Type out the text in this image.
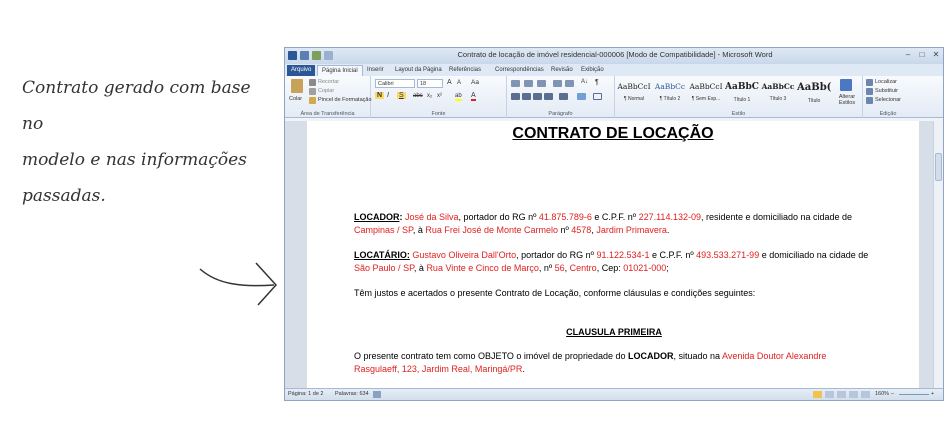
Contrato gerado com base no
modelo e nas informações
passadas.
Contrato de locação de imóvel residencial-000006 [Modo de Compatibilidade] - Microsoft Word	–	□	✕
Arquivo	Página Inicial	Inserir	Layout da Página	Referências	Correspondências	Revisão	Exibição
Colar
Recortar
Copiar
Pincel de Formatação
Área de Transferência
Calibri	18	A A Aa
N I S	abc x₂ x² ab A
Fonte
A↓ ¶
Parágrafo
AaBbCcI
¶ Normal
AaBbCc
¶ Título 2
AaBbCcI
¶ Sem Esp...
AaBbC
Título 1
AaBbCc
Título 3
AaBb(
Título
Alterar Estilos
Estilo
Localizar
Substituir
Selecionar
Edição
CONTRATO DE LOCAÇÃO
LOCADOR: José da Silva, portador do RG nº 41.875.789-6 e C.P.F. nº 227.114.132-09, residente e domiciliado na cidade de Campinas / SP, à Rua Frei José de Monte Carmelo nº 4578, Jardim Primavera.
LOCATÁRIO: Gustavo Oliveira Dall'Orto, portador do RG nº 91.122.534-1 e C.P.F. nº 493.533.271-99 e domiciliado na cidade de São Paulo / SP, à Rua Vinte e Cinco de Março, nº 56, Centro, Cep: 01021-000;
Têm justos e acertados o presente Contrato de Locação, conforme cláusulas e condições seguintes:
CLAUSULA PRIMEIRA
O presente contrato tem como OBJETO o imóvel de propriedade do LOCADOR, situado na Avenida Doutor Alexandre Rasgulaeff, 123, Jardim Real, Maringá/PR.
Página: 1 de 2 Palavras: 634	160% –	+
